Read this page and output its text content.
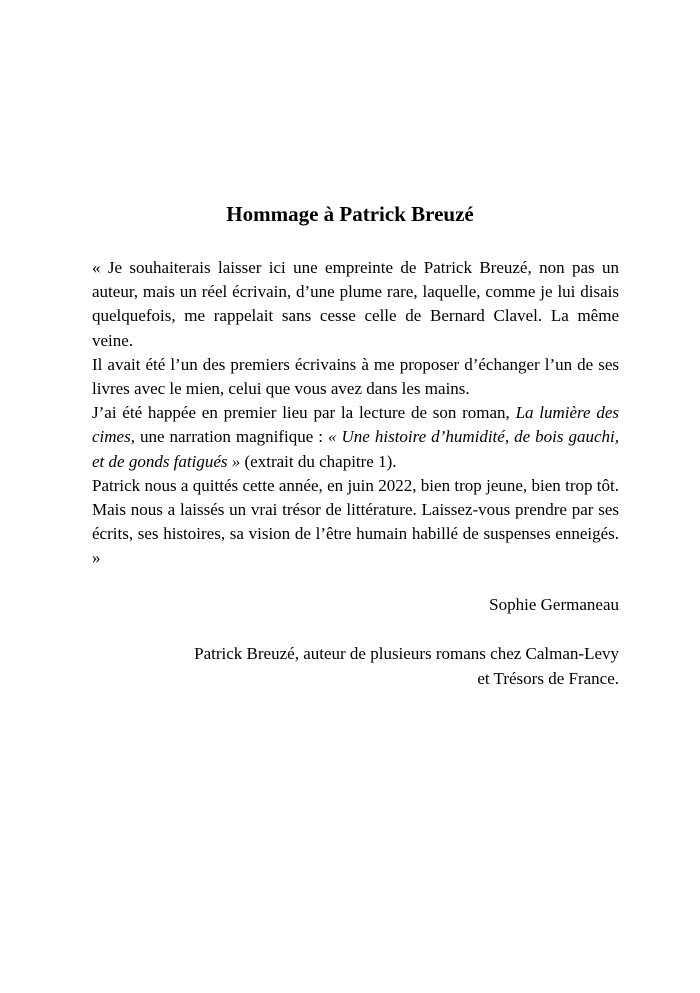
Hommage à Patrick Breuzé

« Je souhaiterais laisser ici une empreinte de Patrick Breuzé, non pas un auteur, mais un réel écrivain, d’une plume rare, laquelle, comme je lui disais quelquefois, me rappelait sans cesse celle de Bernard Clavel. La même veine.

Il avait été l’un des premiers écrivains à me proposer d’échanger l’un de ses livres avec le mien, celui que vous avez dans les mains.

J’ai été happée en premier lieu par la lecture de son roman, La lumière des cimes, une narration magnifique : « Une histoire d’humidité, de bois gauchi, et de gonds fatigués » (extrait du chapitre 1).

Patrick nous a quittés cette année, en juin 2022, bien trop jeune, bien trop tôt. Mais nous a laissés un vrai trésor de littérature. Laissez-vous prendre par ses écrits, ses histoires, sa vision de l’être humain habillé de suspenses enneigés. »

Sophie Germaneau

Patrick Breuzé, auteur de plusieurs romans chez Calman-Levy
et Trésors de France.
